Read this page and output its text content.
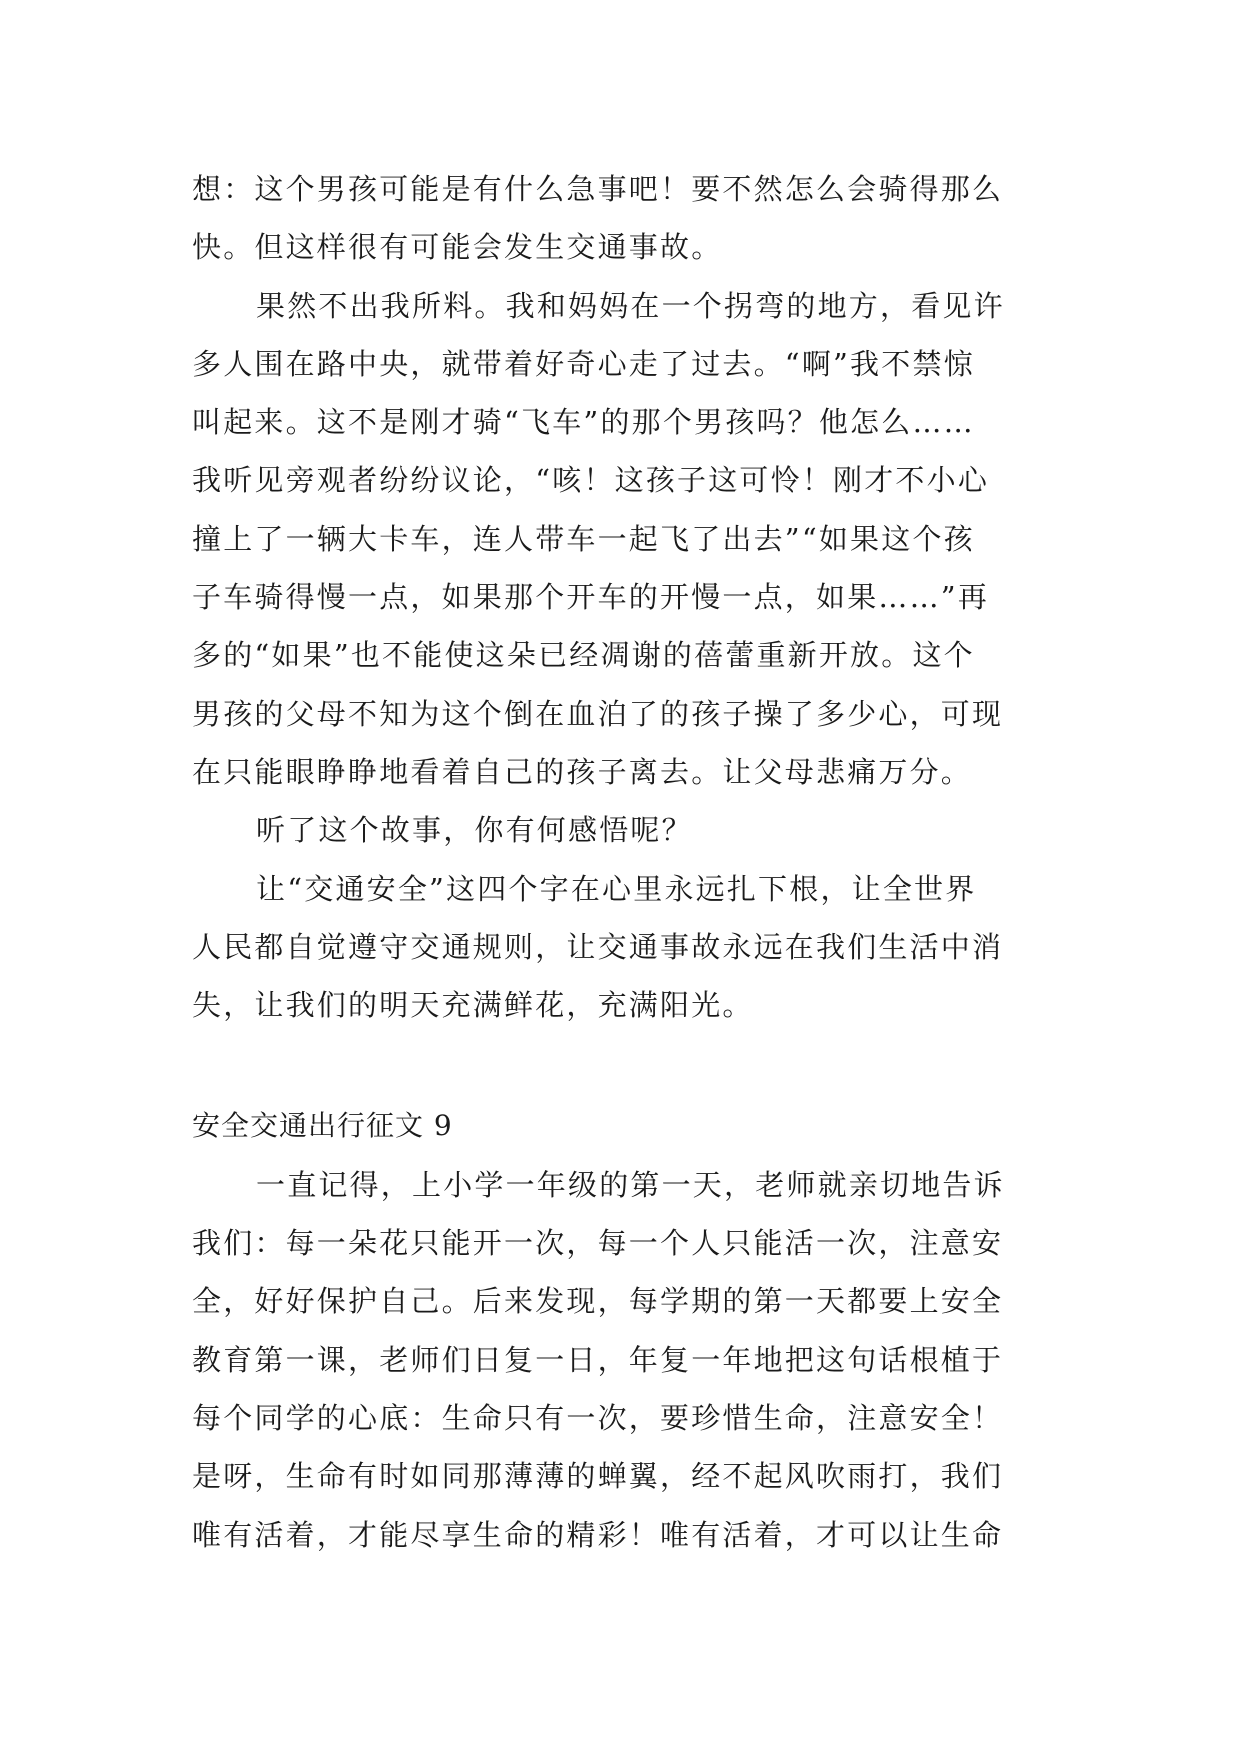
想：这个男孩可能是有什么急事吧！要不然怎么会骑得那么
快。但这样很有可能会发生交通事故。
果然不出我所料。我和妈妈在一个拐弯的地方，看见许
多人围在路中央，就带着好奇心走了过去。“啊”我不禁惊
叫起来。这不是刚才骑“飞车”的那个男孩吗？他怎么……
我听见旁观者纷纷议论，“咳！这孩子这可怜！刚才不小心
撞上了一辆大卡车，连人带车一起飞了出去”“如果这个孩
子车骑得慢一点，如果那个开车的开慢一点，如果……”再
多的“如果”也不能使这朵已经凋谢的蓓蕾重新开放。这个
男孩的父母不知为这个倒在血泊了的孩子操了多少心，可现
在只能眼睁睁地看着自己的孩子离去。让父母悲痛万分。
听了这个故事，你有何感悟呢？
让“交通安全”这四个字在心里永远扎下根，让全世界
人民都自觉遵守交通规则，让交通事故永远在我们生活中消
失，让我们的明天充满鲜花，充满阳光。
安全交通出行征文 9
一直记得，上小学一年级的第一天，老师就亲切地告诉
我们：每一朵花只能开一次，每一个人只能活一次，注意安
全，好好保护自己。后来发现，每学期的第一天都要上安全
教育第一课，老师们日复一日，年复一年地把这句话根植于
每个同学的心底：生命只有一次，要珍惜生命，注意安全！
是呀，生命有时如同那薄薄的蝉翼，经不起风吹雨打，我们
唯有活着，才能尽享生命的精彩！唯有活着，才可以让生命
